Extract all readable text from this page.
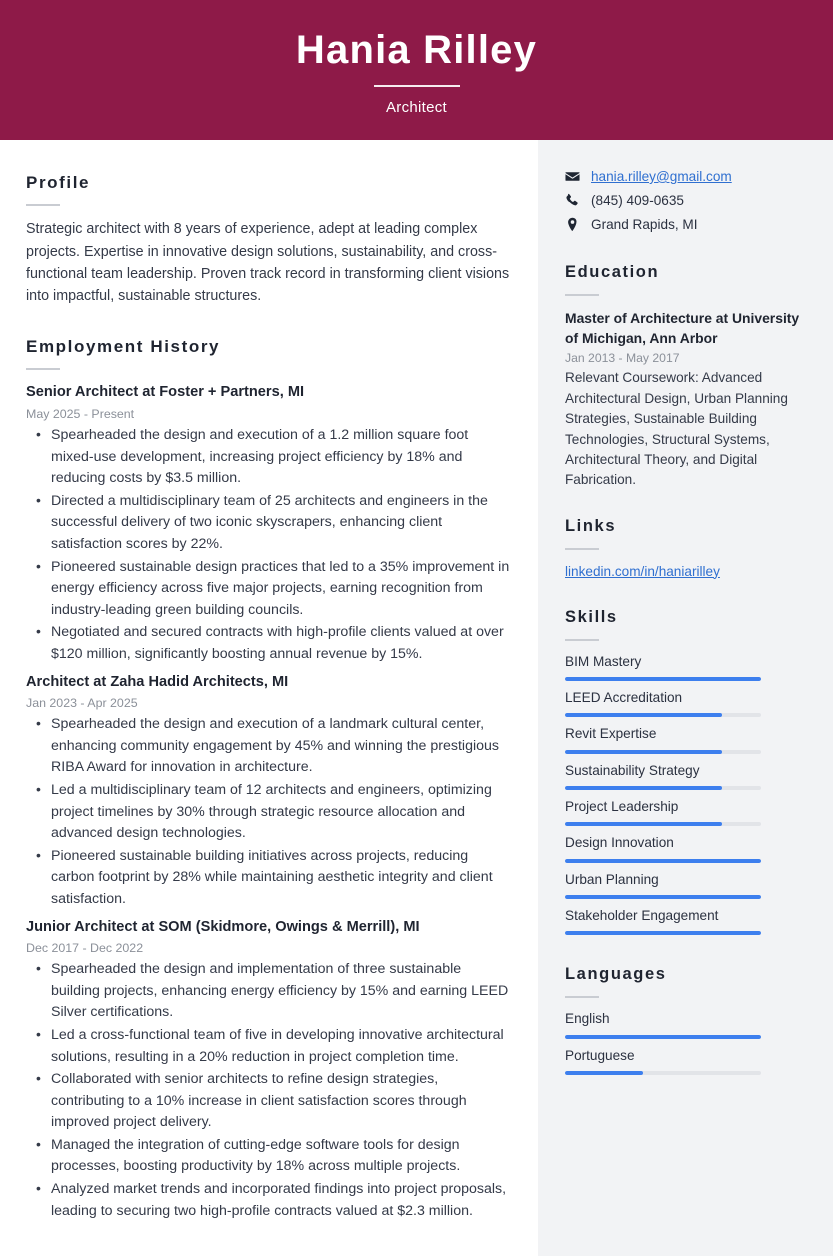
Hania Rilley
Architect
Profile

Strategic architect with 8 years of experience, adept at leading complex projects. Expertise in innovative design solutions, sustainability, and cross-functional team leadership. Proven track record in transforming client visions into impactful, sustainable structures.

Employment History
Senior Architect at Foster + Partners, MI
May 2025 - Present
• Spearheaded the design and execution of a 1.2 million square foot mixed-use development, increasing project efficiency by 18% and reducing costs by $3.5 million.
• Directed a multidisciplinary team of 25 architects and engineers in the successful delivery of two iconic skyscrapers, enhancing client satisfaction scores by 22%.
• Pioneered sustainable design practices that led to a 35% improvement in energy efficiency across five major projects, earning recognition from industry-leading green building councils.
• Negotiated and secured contracts with high-profile clients valued at over $120 million, significantly boosting annual revenue by 15%.
Architect at Zaha Hadid Architects, MI
Jan 2023 - Apr 2025
• Spearheaded the design and execution of a landmark cultural center, enhancing community engagement by 45% and winning the prestigious RIBA Award for innovation in architecture.
• Led a multidisciplinary team of 12 architects and engineers, optimizing project timelines by 30% through strategic resource allocation and advanced design technologies.
• Pioneered sustainable building initiatives across projects, reducing carbon footprint by 28% while maintaining aesthetic integrity and client satisfaction.
Junior Architect at SOM (Skidmore, Owings & Merrill), MI
Dec 2017 - Dec 2022
• Spearheaded the design and implementation of three sustainable building projects, enhancing energy efficiency by 15% and earning LEED Silver certifications.
• Led a cross-functional team of five in developing innovative architectural solutions, resulting in a 20% reduction in project completion time.
• Collaborated with senior architects to refine design strategies, contributing to a 10% increase in client satisfaction scores through improved project delivery.
• Managed the integration of cutting-edge software tools for design processes, boosting productivity by 18% across multiple projects.
• Analyzed market trends and incorporated findings into project proposals, leading to securing two high-profile contracts valued at $2.3 million.
hania.rilley@gmail.com
(845) 409-0635
Grand Rapids, MI
Education
Master of Architecture at University of Michigan, Ann Arbor
Jan 2013 - May 2017
Relevant Coursework: Advanced Architectural Design, Urban Planning Strategies, Sustainable Building Technologies, Structural Systems, Architectural Theory, and Digital Fabrication.
Links
linkedin.com/in/haniarilley
Skills
BIM Mastery
LEED Accreditation
Revit Expertise
Sustainability Strategy
Project Leadership
Design Innovation
Urban Planning
Stakeholder Engagement
Languages
English
Portuguese
